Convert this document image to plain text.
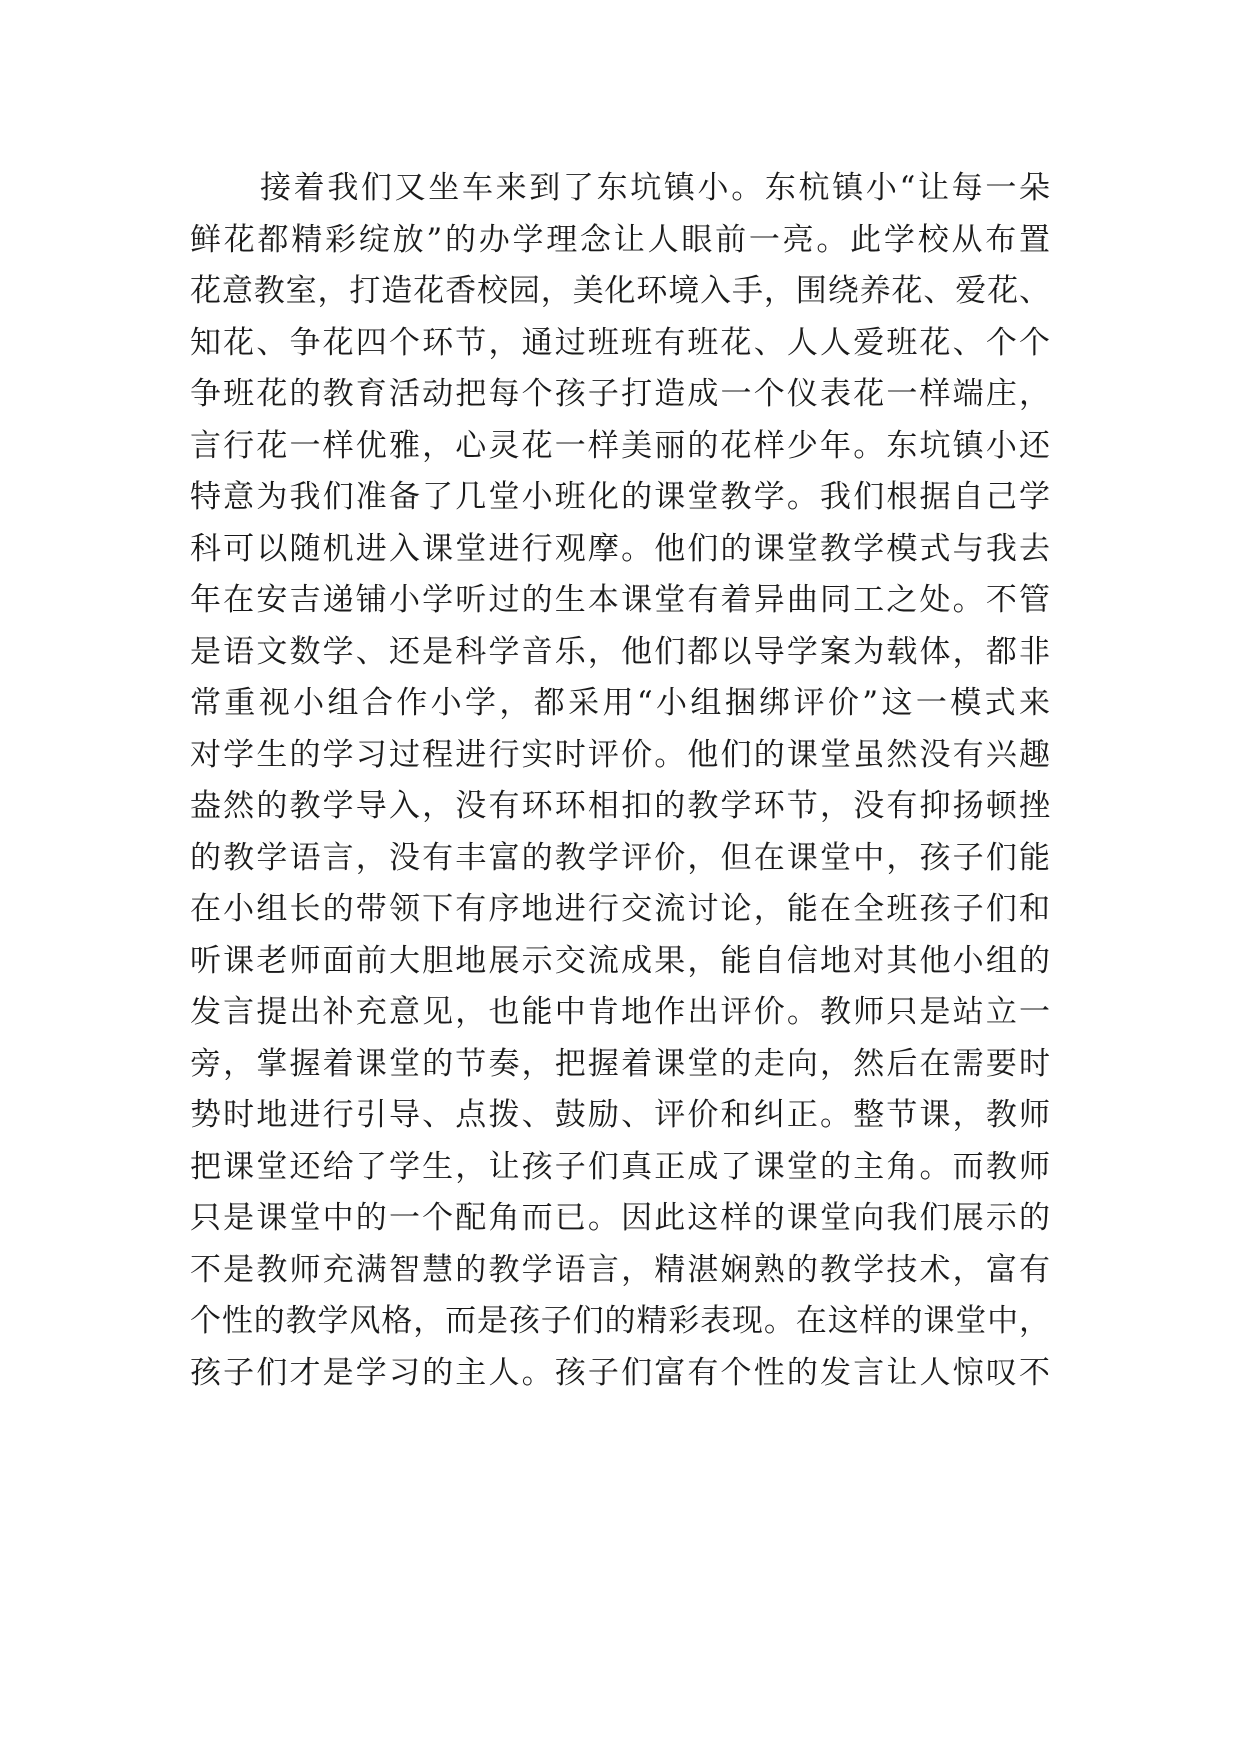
接着我们又坐车来到了东坑镇小。东杭镇小“让每一朵
鲜花都精彩绽放”的办学理念让人眼前一亮。此学校从布置
花意教室，打造花香校园，美化环境入手，围绕养花、爱花、
知花、争花四个环节，通过班班有班花、人人爱班花、个个
争班花的教育活动把每个孩子打造成一个仪表花一样端庄，
言行花一样优雅，心灵花一样美丽的花样少年。东坑镇小还
特意为我们准备了几堂小班化的课堂教学。我们根据自己学
科可以随机进入课堂进行观摩。他们的课堂教学模式与我去
年在安吉递铺小学听过的生本课堂有着异曲同工之处。不管
是语文数学、还是科学音乐，他们都以导学案为载体，都非
常重视小组合作小学，都采用“小组捆绑评价”这一模式来
对学生的学习过程进行实时评价。他们的课堂虽然没有兴趣
盎然的教学导入，没有环环相扣的教学环节，没有抑扬顿挫
的教学语言，没有丰富的教学评价，但在课堂中，孩子们能
在小组长的带领下有序地进行交流讨论，能在全班孩子们和
听课老师面前大胆地展示交流成果，能自信地对其他小组的
发言提出补充意见，也能中肯地作出评价。教师只是站立一
旁，掌握着课堂的节奏，把握着课堂的走向，然后在需要时
势时地进行引导、点拨、鼓励、评价和纠正。整节课，教师
把课堂还给了学生，让孩子们真正成了课堂的主角。而教师
只是课堂中的一个配角而已。因此这样的课堂向我们展示的
不是教师充满智慧的教学语言，精湛娴熟的教学技术，富有
个性的教学风格，而是孩子们的精彩表现。在这样的课堂中，
孩子们才是学习的主人。孩子们富有个性的发言让人惊叹不
